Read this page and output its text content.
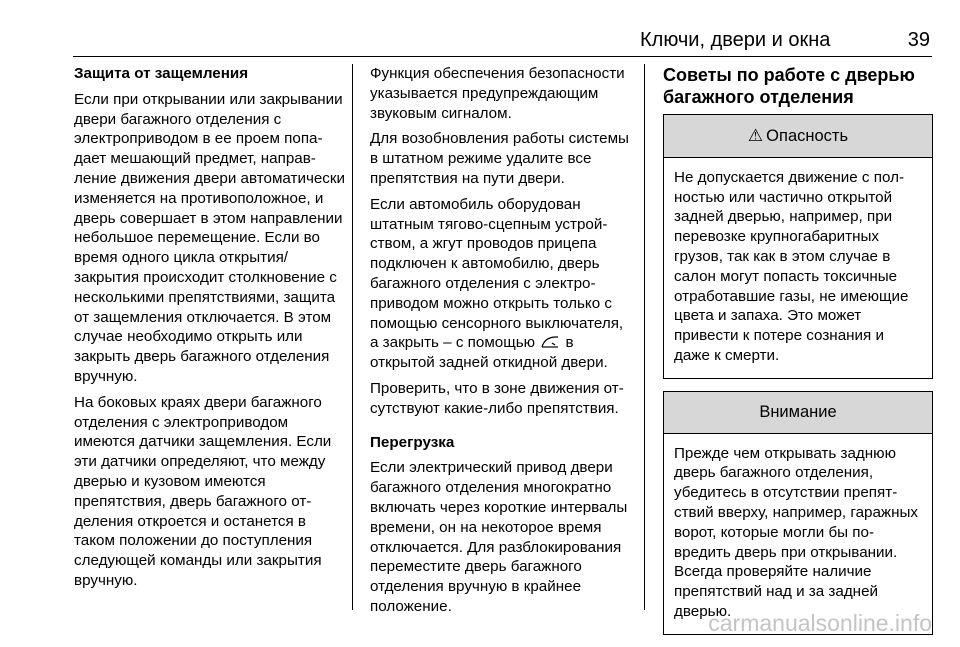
Ключи, двери и окна	39

Защита от защемления

Если при открывании или закрывании двери багажного отделения с электроприводом в ее проем попадает мешающий предмет, направление движения двери автоматически изменяется на противоположное, и дверь совершает в этом направлении небольшое перемещение. Если во время одного цикла открытия/закрытия происходит столкновение с несколькими препятствиями, защита от защемления отключается. В этом случае необходимо открыть или закрыть дверь багажного отделения вручную.

На боковых краях двери багажного отделения с электроприводом имеются датчики защемления. Если эти датчики определяют, что между дверью и кузовом имеются препятствия, дверь багажного отделения откроется и останется в таком положении до поступления следующей команды или закрытия вручную.

Функция обеспечения безопасности указывается предупреждающим звуковым сигналом.

Для возобновления работы системы в штатном режиме удалите все препятствия на пути двери.

Если автомобиль оборудован штатным тягово-сцепным устройством, а жгут проводов прицепа подключен к автомобилю, дверь багажного отделения с электроприводом можно открыть только с помощью сенсорного выключателя, а закрыть – с помощью в открытой задней откидной двери.

Проверить, что в зоне движения отсутствуют какие-либо препятствия.

Перегрузка

Если электрический привод двери багажного отделения многократно включать через короткие интервалы времени, он на некоторое время отключается. Для разблокирования переместите дверь багажного отделения вручную в крайнее положение.

Советы по работе с дверью багажного отделения

⚠ Опасность
Не допускается движение с полностью или частично открытой задней дверью, например, при перевозке крупногабаритных грузов, так как в этом случае в салон могут попасть токсичные отработавшие газы, не имеющие цвета и запаха. Это может привести к потере сознания и даже к смерти.
Внимание
Прежде чем открывать заднюю дверь багажного отделения, убедитесь в отсутствии препятствий вверху, например, гаражных ворот, которые могли бы повредить дверь при открывании. Всегда проверяйте наличие препятствий над и за задней дверью.
carmanualsonline.info
